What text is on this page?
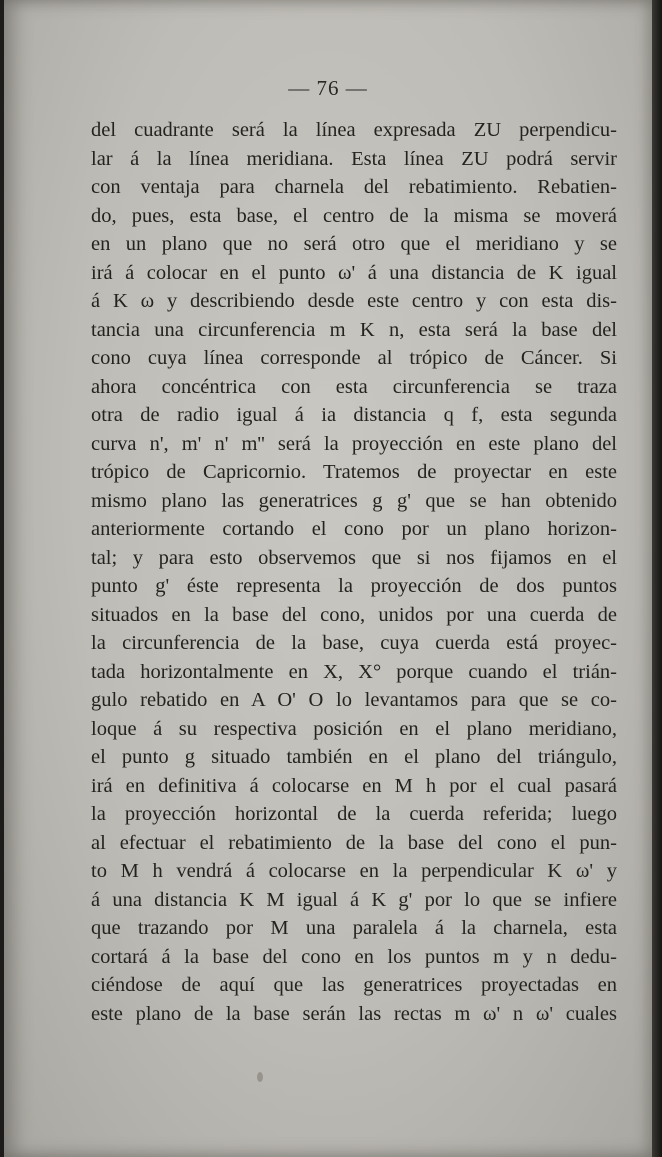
— 76 —
del cuadrante será la línea expresada ZU perpendicu-
lar á la línea meridiana. Esta línea ZU podrá servir
con ventaja para charnela del rebatimiento. Rebatien-
do, pues, esta base, el centro de la misma se moverá
en un plano que no será otro que el meridiano y se
irá á colocar en el punto ω' á una distancia de K igual
á K ω y describiendo desde este centro y con esta dis-
tancia una circunferencia m K n, esta será la base del
cono cuya línea corresponde al trópico de Cáncer. Si
ahora concéntrica con esta circunferencia se traza
otra de radio igual á ia distancia q f, esta segunda
curva n', m' n' m'' será la proyección en este plano del
trópico de Capricornio. Tratemos de proyectar en este
mismo plano las generatrices g g' que se han obtenido
anteriormente cortando el cono por un plano horizon-
tal; y para esto observemos que si nos fijamos en el
punto g' éste representa la proyección de dos puntos
situados en la base del cono, unidos por una cuerda de
la circunferencia de la base, cuya cuerda está proyec-
tada horizontalmente en X, X° porque cuando el trián-
gulo rebatido en A O' O lo levantamos para que se co-
loque á su respectiva posición en el plano meridiano,
el punto g situado también en el plano del triángulo,
irá en definitiva á colocarse en M h por el cual pasará
la proyección horizontal de la cuerda referida; luego
al efectuar el rebatimiento de la base del cono el pun-
to M h vendrá á colocarse en la perpendicular K ω' y
á una distancia K M igual á K g' por lo que se infiere
que trazando por M una paralela á la charnela, esta
cortará á la base del cono en los puntos m y n dedu-
ciéndose de aquí que las generatrices proyectadas en
este plano de la base serán las rectas m ω' n ω' cuales
